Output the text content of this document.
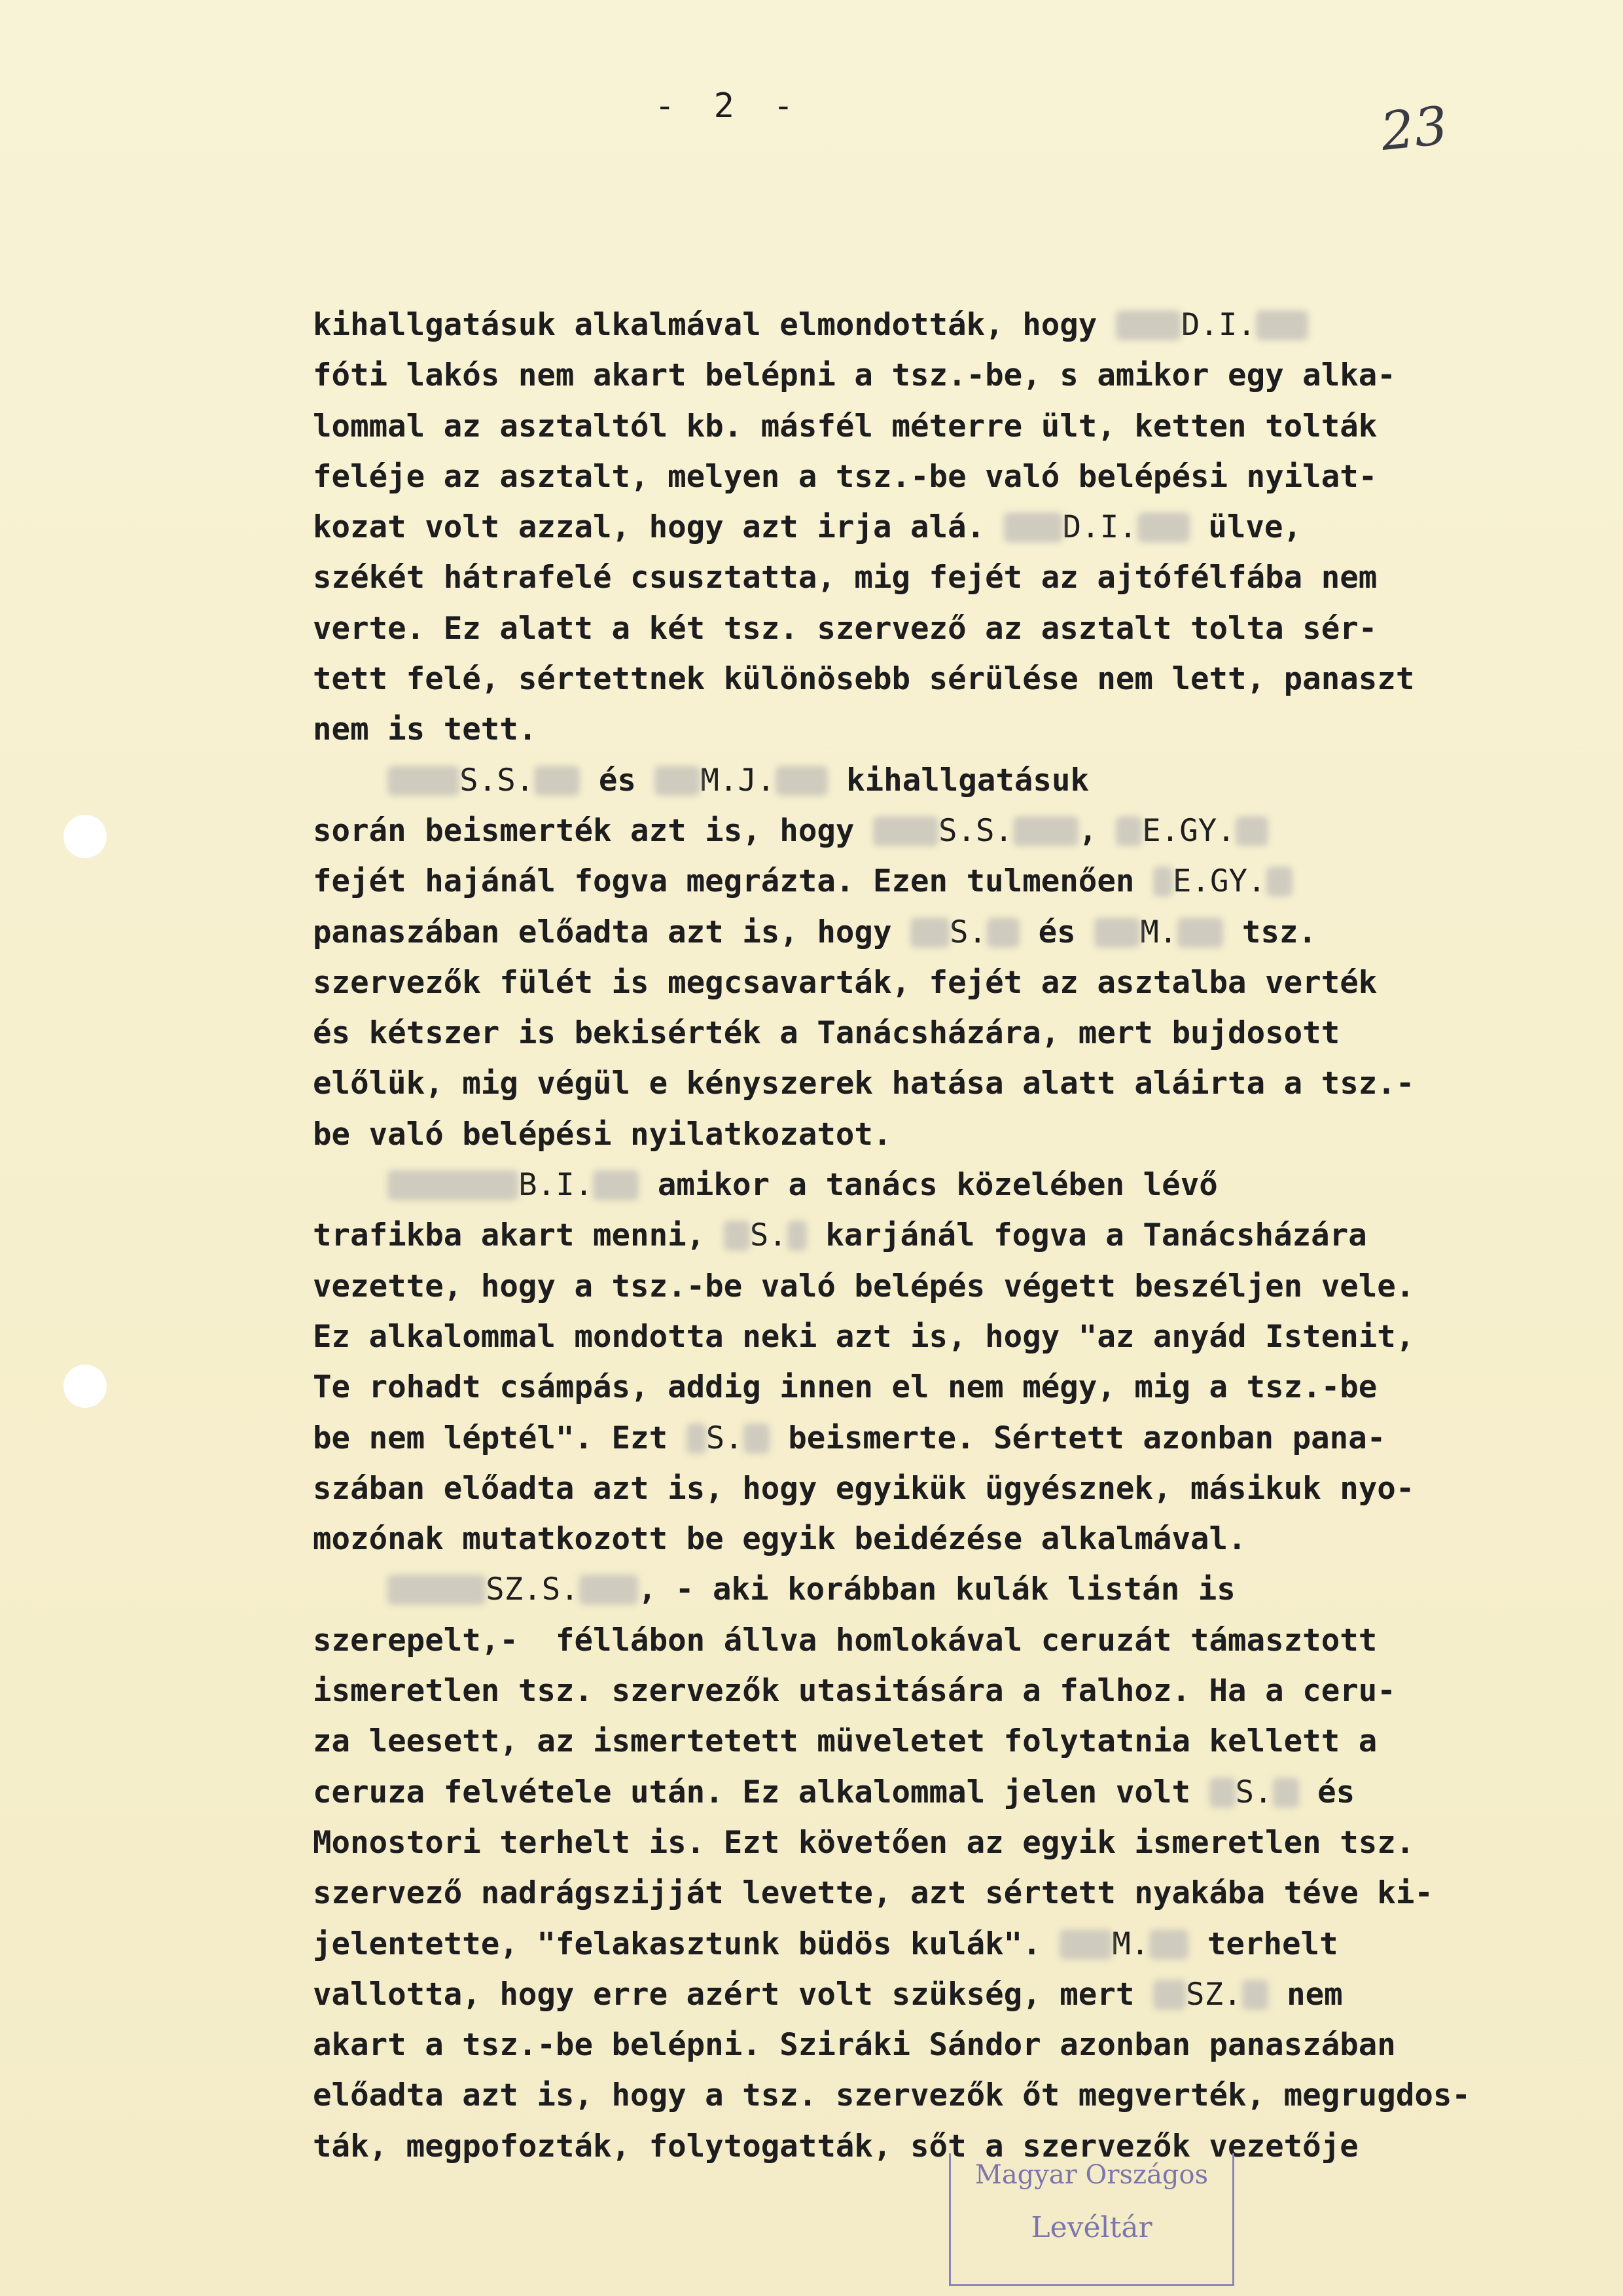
- 2 -	23
kihallgatásuk alkalmával elmondották, hogy D.I.
fóti lakós nem akart belépni a tsz.-be, s amikor egy alka-
lommal az asztaltól kb. másfél méterre ült, ketten tolták
feléje az asztalt, melyen a tsz.-be való belépési nyilat-
kozat volt azzal, hogy azt irja alá. D.I. ülve,
székét hátrafelé csusztatta, mig fejét az ajtófélfába nem
verte. Ez alatt a két tsz. szervező az asztalt tolta sér-
tett felé, sértettnek különösebb sérülése nem lett, panaszt
nem is tett.
S.S. és M.J. kihallgatásuk
során beismerték azt is, hogy S.S. , E.GY.
fejét hajánál fogva megrázta. Ezen tulmenően E.GY.
panaszában előadta azt is, hogy S. és M. tsz.
szervezők fülét is megcsavarták, fejét az asztalba verték
és kétszer is bekisérték a Tanácsházára, mert bujdosott
előlük, mig végül e kényszerek hatása alatt aláirta a tsz.-
be való belépési nyilatkozatot.
B.I. amikor a tanács közelében lévő
trafikba akart menni, S. karjánál fogva a Tanácsházára
vezette, hogy a tsz.-be való belépés végett beszéljen vele.
Ez alkalommal mondotta neki azt is, hogy "az anyád Istenit,
Te rohadt csámpás, addig innen el nem mégy, mig a tsz.-be
be nem léptél". Ezt S. beismerte. Sértett azonban pana-
szában előadta azt is, hogy egyikük ügyésznek, másikuk nyo-
mozónak mutatkozott be egyik beidézése alkalmával.
SZ.S. , - aki korábban kulák listán is
szerepelt,-  féllábon állva homlokával ceruzát támasztott
ismeretlen tsz. szervezők utasitására a falhoz. Ha a ceru-
za leesett, az ismertetett müveletet folytatnia kellett a
ceruza felvétele után. Ez alkalommal jelen volt S. és
Monostori terhelt is. Ezt követően az egyik ismeretlen tsz.
szervező nadrágszijját levette, azt sértett nyakába téve ki-
jelentette, "felakasztunk büdös kulák". M. terhelt
vallotta, hogy erre azért volt szükség, mert SZ. nem
akart a tsz.-be belépni. Sziráki Sándor azonban panaszában
előadta azt is, hogy a tsz. szervezők őt megverték, megrugdos-
ták, megpofozták, folytogatták, sőt a szervezők vezetője
Magyar Országos
Levéltár
